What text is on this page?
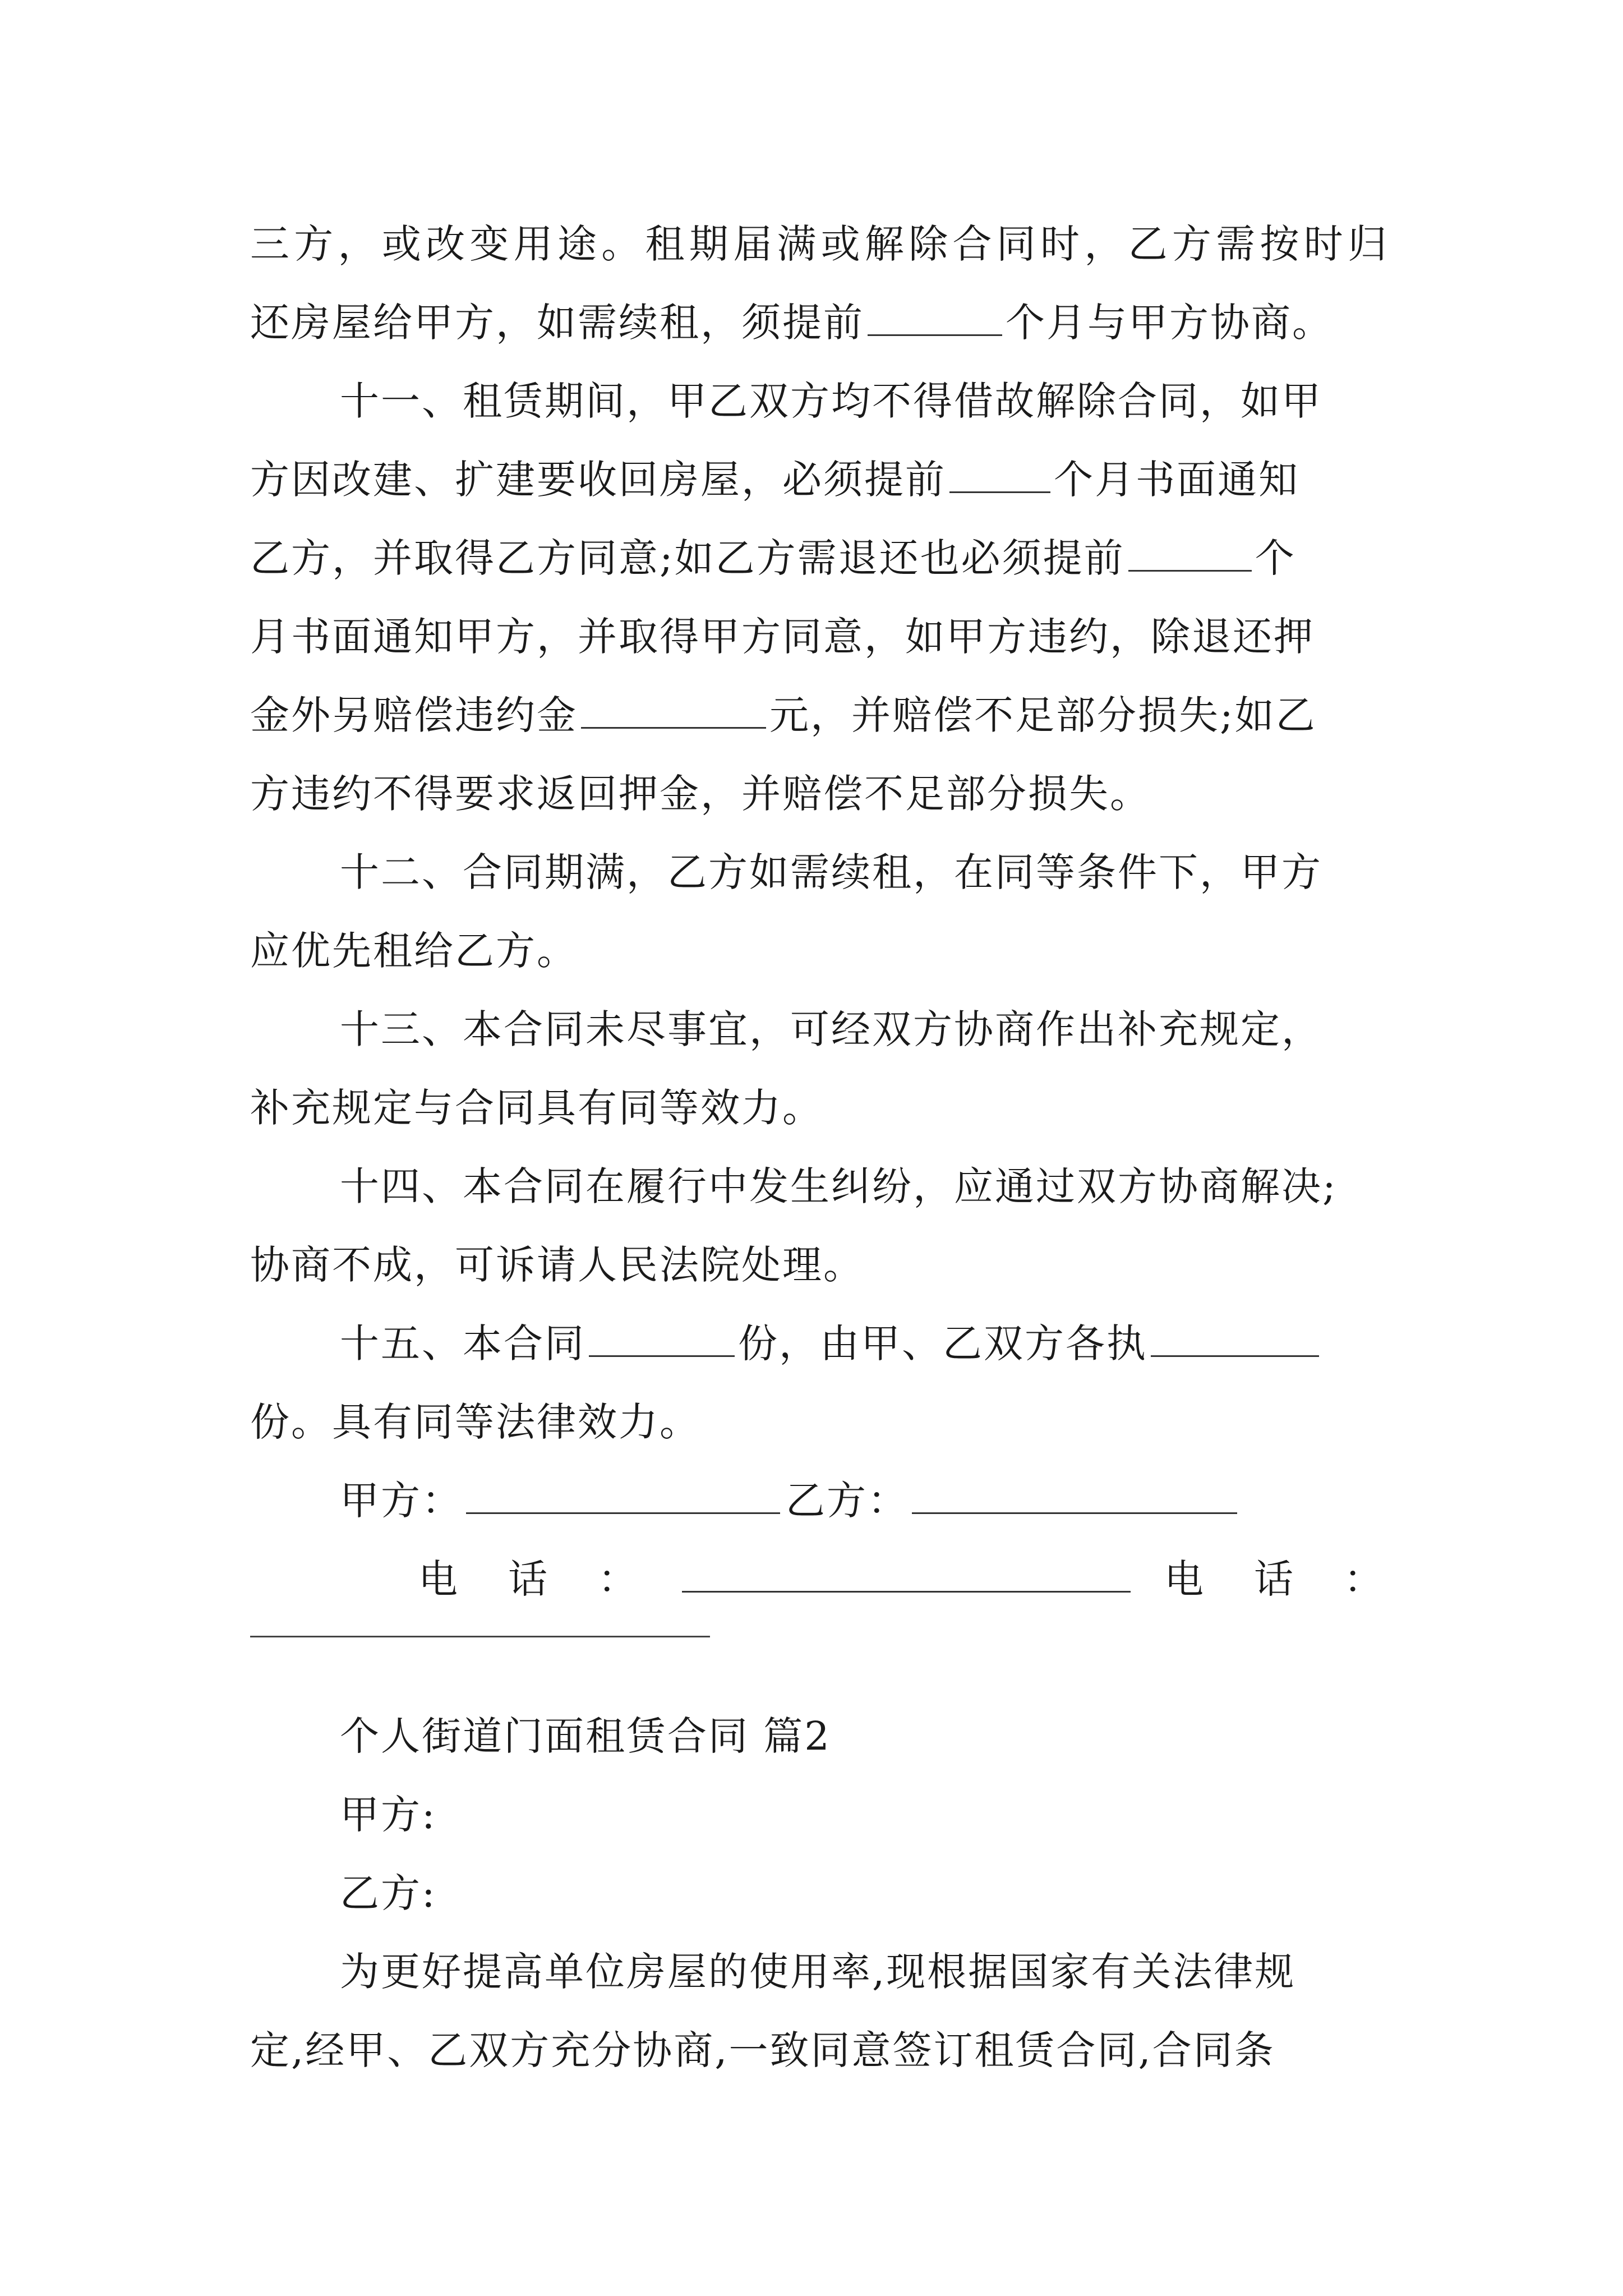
三方，或改变用途。租期届满或解除合同时，乙方需按时归
还房屋给甲方，如需续租，须提前	个月与甲方协商。
十一、租赁期间，甲乙双方均不得借故解除合同，如甲
方因改建、扩建要收回房屋，必须提前	个月书面通知
乙方，并取得乙方同意;如乙方需退还也必须提前	个
月书面通知甲方，并取得甲方同意，如甲方违约，除退还押
金外另赔偿违约金	元，并赔偿不足部分损失;如乙
方违约不得要求返回押金，并赔偿不足部分损失。
十二、合同期满，乙方如需续租，在同等条件下，甲方
应优先租给乙方。
十三、本合同未尽事宜，可经双方协商作出补充规定，
补充规定与合同具有同等效力。
十四、本合同在履行中发生纠纷，应通过双方协商解决;
协商不成，可诉请人民法院处理。
十五、本合同	份，由甲、乙双方各执
份。具有同等法律效力。
甲方：	乙方：
电　话　：	电　话　：
个人街道门面租赁合同 篇2
甲方:
乙方:
为更好提高单位房屋的使用率,现根据国家有关法律规
定,经甲、乙双方充分协商,一致同意签订租赁合同,合同条
